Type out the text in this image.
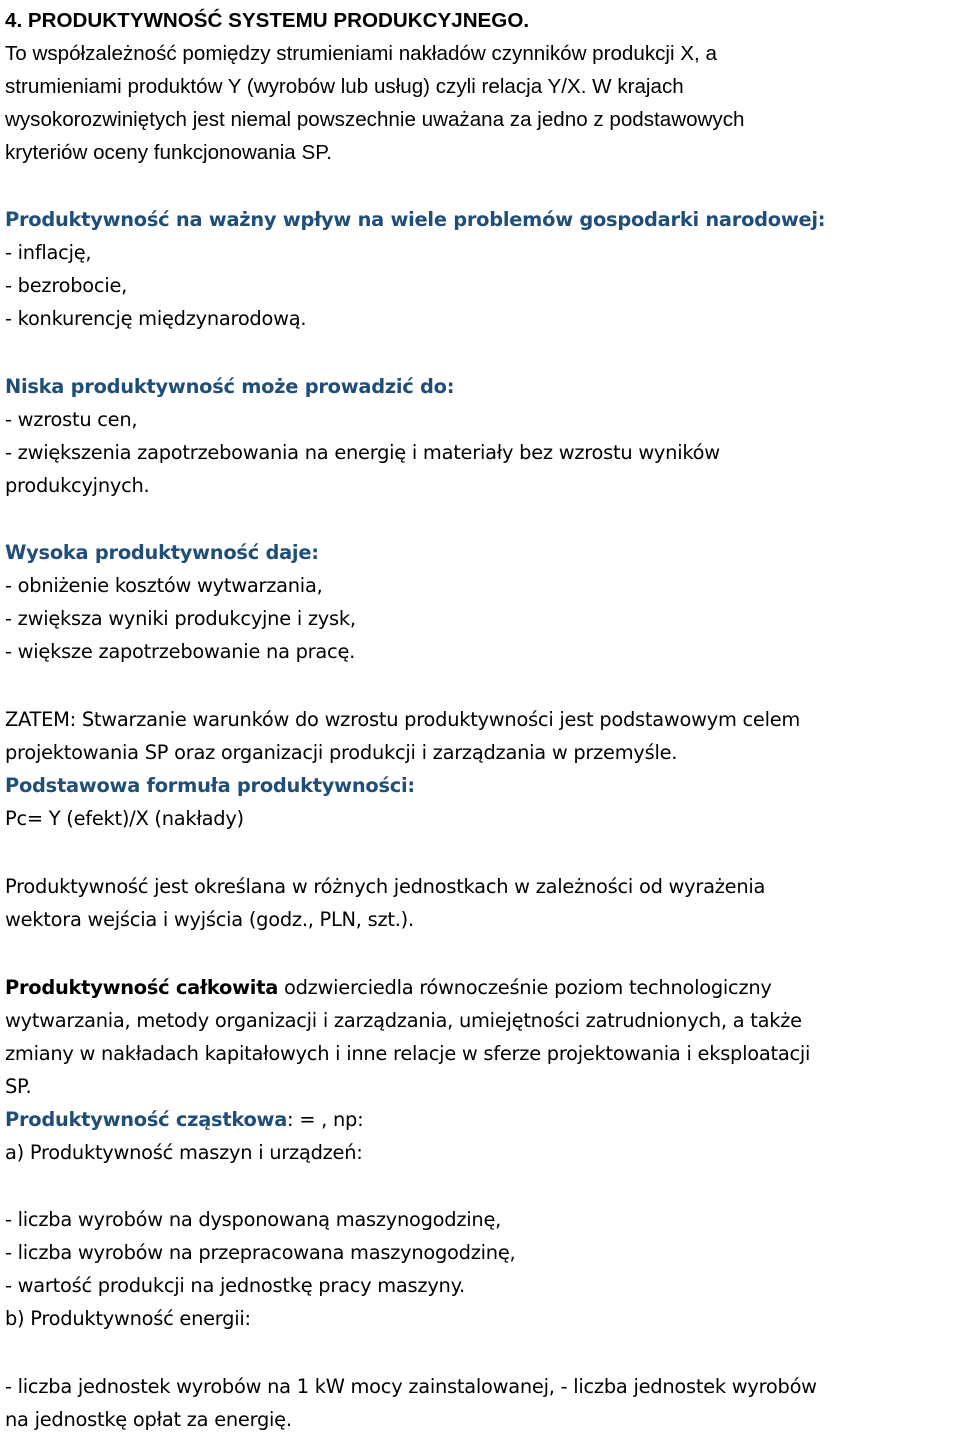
4. PRODUKTYWNOŚĆ SYSTEMU PRODUKCYJNEGO.
To współzależność pomiędzy strumieniami nakładów czynników produkcji X, a
strumieniami produktów Y (wyrobów lub usług) czyli relacja Y/X. W krajach
wysokorozwiniętych jest niemal powszechnie uważana za jedno z podstawowych
kryteriów oceny funkcjonowania SP.
Produktywność na ważny wpływ na wiele problemów gospodarki narodowej:
- inflację,
- bezrobocie,
- konkurencję międzynarodową.
Niska produktywność może prowadzić do:
- wzrostu cen,
- zwiększenia zapotrzebowania na energię i materiały bez wzrostu wyników
produkcyjnych.
Wysoka produktywność daje:
- obniżenie kosztów wytwarzania,
- zwiększa wyniki produkcyjne i zysk,
- większe zapotrzebowanie na pracę.
ZATEM: Stwarzanie warunków do wzrostu produktywności jest podstawowym celem
projektowania SP oraz organizacji produkcji i zarządzania w przemyśle.
Podstawowa formuła produktywności:
Pc= Y (efekt)/X (nakłady)
Produktywność jest określana w różnych jednostkach w zależności od wyrażenia
wektora wejścia i wyjścia (godz., PLN, szt.).
Produktywność całkowita odzwierciedla równocześnie poziom technologiczny
wytwarzania, metody organizacji i zarządzania, umiejętności zatrudnionych, a także
zmiany w nakładach kapitałowych i inne relacje w sferze projektowania i eksploatacji
SP.
Produktywność cząstkowa: = , np:
a) Produktywność maszyn i urządzeń:
- liczba wyrobów na dysponowaną maszynogodzinę,
- liczba wyrobów na przepracowana maszynogodzinę,
- wartość produkcji na jednostkę pracy maszyny.
b) Produktywność energii:
- liczba jednostek wyrobów na 1 kW mocy zainstalowanej, - liczba jednostek wyrobów
na jednostkę opłat za energię.
